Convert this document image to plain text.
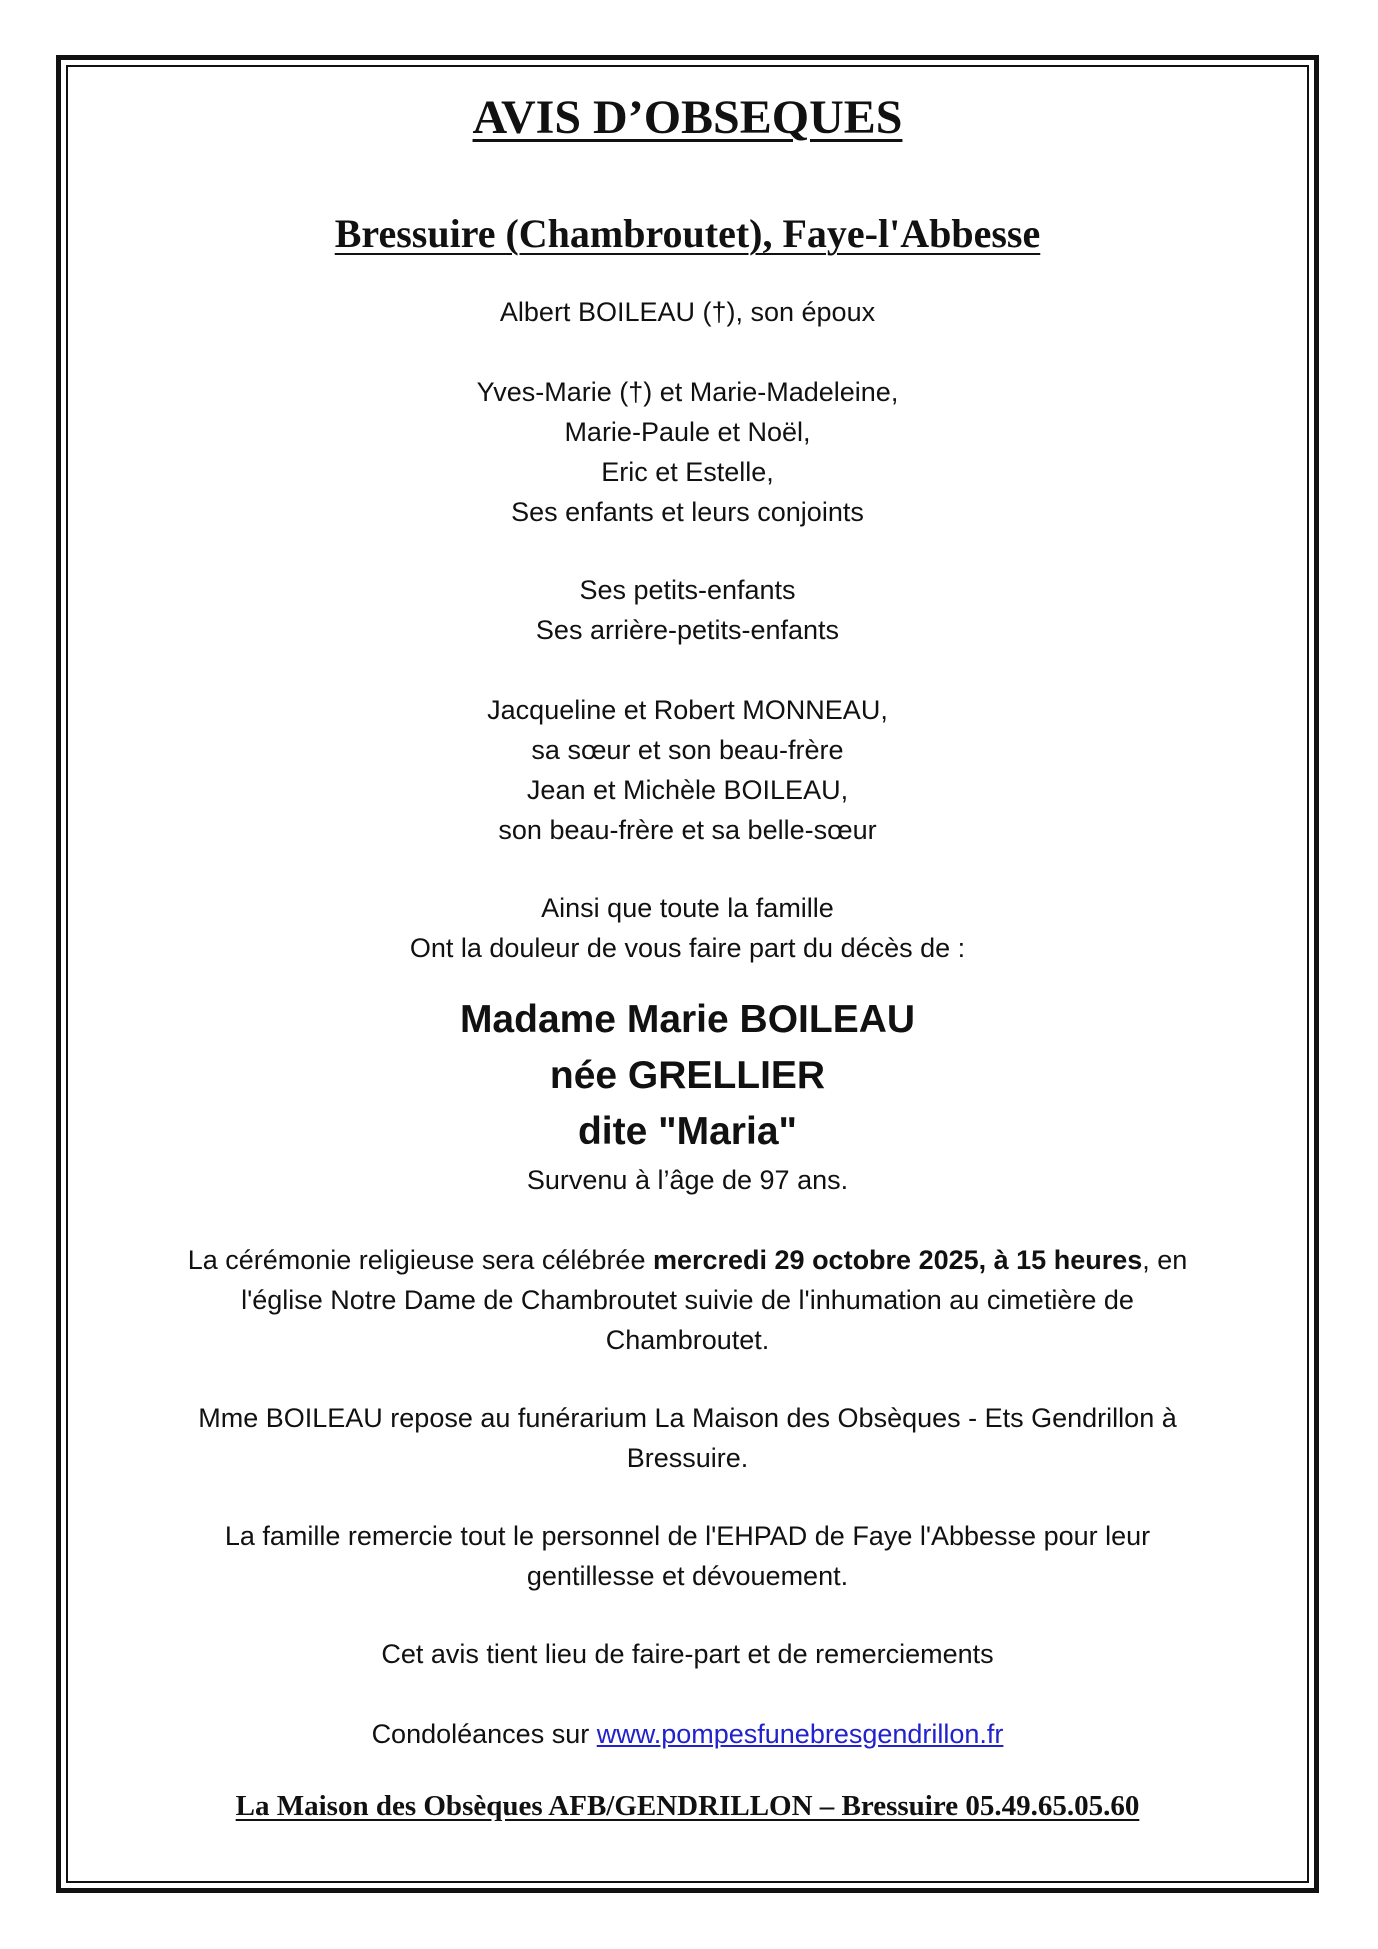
AVIS D’OBSEQUES
Bressuire (Chambroutet), Faye-l'Abbesse

Albert BOILEAU (†), son époux

Yves-Marie (†) et Marie-Madeleine,

Marie-Paule et Noël,

Eric et Estelle,

Ses enfants et leurs conjoints

Ses petits-enfants

Ses arrière-petits-enfants

Jacqueline et Robert MONNEAU,

sa sœur et son beau-frère

Jean et Michèle BOILEAU,

son beau-frère et sa belle-sœur

Ainsi que toute la famille

Ont la douleur de vous faire part du décès de :

Madame Marie BOILEAU

née GRELLIER

dite "Maria"

Survenu à l’âge de 97 ans.

La cérémonie religieuse sera célébrée mercredi 29 octobre 2025, à 15 heures, en l'église Notre Dame de Chambroutet suivie de l'inhumation au cimetière de Chambroutet.

Mme BOILEAU repose au funérarium La Maison des Obsèques - Ets Gendrillon à Bressuire.

La famille remercie tout le personnel de l'EHPAD de Faye l'Abbesse pour leur gentillesse et dévouement.

Cet avis tient lieu de faire-part et de remerciements

Condoléances sur www.pompesfunebresgendrillon.fr

La Maison des Obsèques AFB/GENDRILLON – Bressuire 05.49.65.05.60
